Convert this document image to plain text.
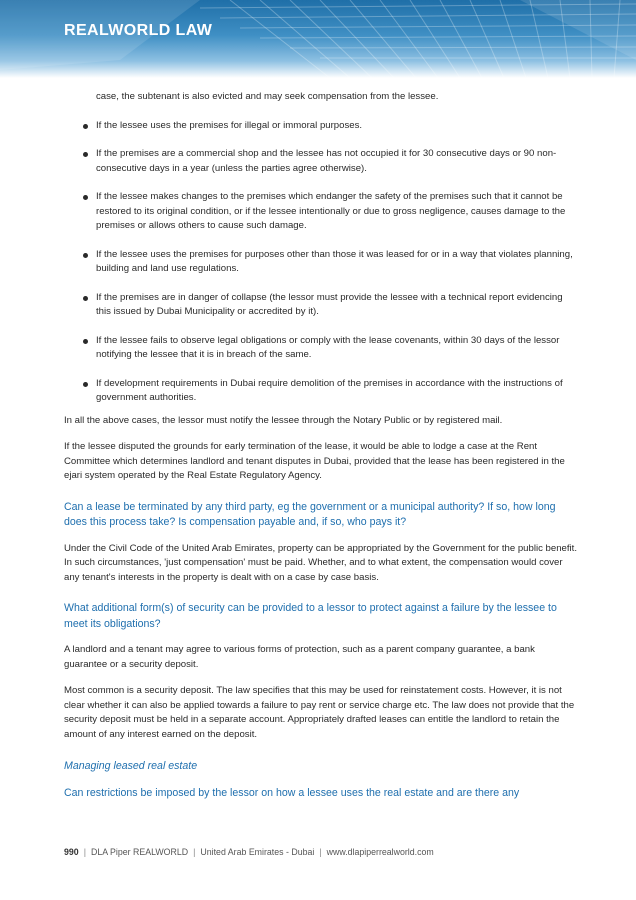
REALWORLD LAW

case, the subtenant is also evicted and may seek compensation from the lessee.

If the lessee uses the premises for illegal or immoral purposes.
If the premises are a commercial shop and the lessee has not occupied it for 30 consecutive days or 90 non-consecutive days in a year (unless the parties agree otherwise).
If the lessee makes changes to the premises which endanger the safety of the premises such that it cannot be restored to its original condition, or if the lessee intentionally or due to gross negligence, causes damage to the premises or allows others to cause such damage.
If the lessee uses the premises for purposes other than those it was leased for or in a way that violates planning, building and land use regulations.
If the premises are in danger of collapse (the lessor must provide the lessee with a technical report evidencing this issued by Dubai Municipality or accredited by it).
If the lessee fails to observe legal obligations or comply with the lease covenants, within 30 days of the lessor notifying the lessee that it is in breach of the same.
If development requirements in Dubai require demolition of the premises in accordance with the instructions of government authorities.

In all the above cases, the lessor must notify the lessee through the Notary Public or by registered mail.

If the lessee disputed the grounds for early termination of the lease, it would be able to lodge a case at the Rent Committee which determines landlord and tenant disputes in Dubai, provided that the lease has been registered in the ejari system operated by the Real Estate Regulatory Agency.

Can a lease be terminated by any third party, eg the government or a municipal authority? If so, how long does this process take? Is compensation payable and, if so, who pays it?

Under the Civil Code of the United Arab Emirates, property can be appropriated by the Government for the public benefit. In such circumstances, 'just compensation' must be paid. Whether, and to what extent, the compensation would cover any tenant's interests in the property is dealt with on a case by case basis.

What additional form(s) of security can be provided to a lessor to protect against a failure by the lessee to meet its obligations?

A landlord and a tenant may agree to various forms of protection, such as a parent company guarantee, a bank guarantee or a security deposit.

Most common is a security deposit. The law specifies that this may be used for reinstatement costs. However, it is not clear whether it can also be applied towards a failure to pay rent or service charge etc. The law does not provide that the security deposit must be held in a separate account. Appropriately drafted leases can entitle the landlord to retain the amount of any interest earned on the deposit.

Managing leased real estate

Can restrictions be imposed by the lessor on how a lessee uses the real estate and are there any

990 | DLA Piper REALWORLD | United Arab Emirates - Dubai | www.dlapiperrealworld.com
